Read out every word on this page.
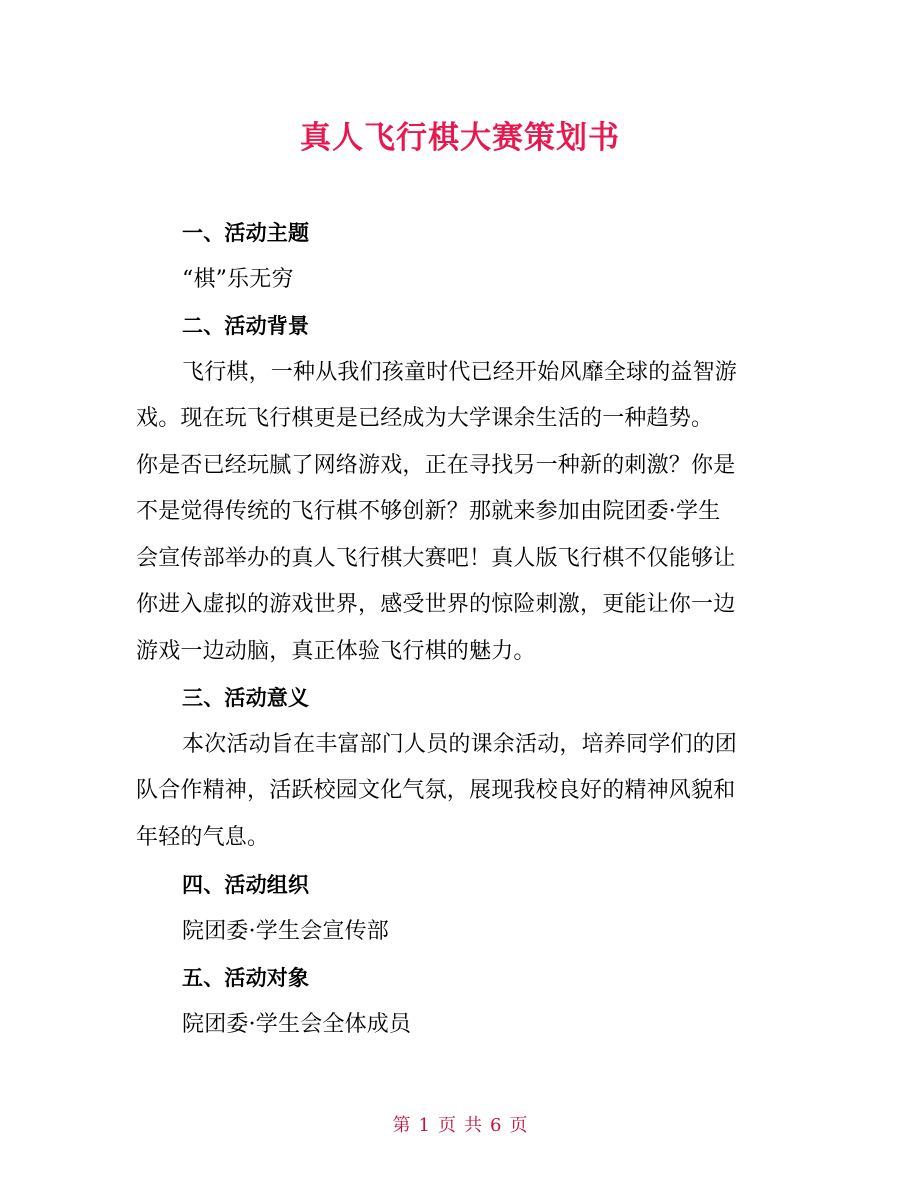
真人飞行棋大赛策划书
一、活动主题
“棋”乐无穷
二、活动背景
飞行棋，一种从我们孩童时代已经开始风靡全球的益智游
戏。现在玩飞行棋更是已经成为大学课余生活的一种趋势。
你是否已经玩腻了网络游戏，正在寻找另一种新的刺激？你是
不是觉得传统的飞行棋不够创新？那就来参加由院团委·学生
会宣传部举办的真人飞行棋大赛吧！真人版飞行棋不仅能够让
你进入虚拟的游戏世界，感受世界的惊险刺激，更能让你一边
游戏一边动脑，真正体验飞行棋的魅力。
三、活动意义
本次活动旨在丰富部门人员的课余活动，培养同学们的团
队合作精神，活跃校园文化气氛，展现我校良好的精神风貌和
年轻的气息。
四、活动组织
院团委·学生会宣传部
五、活动对象
院团委·学生会全体成员
第 1 页 共 6 页
